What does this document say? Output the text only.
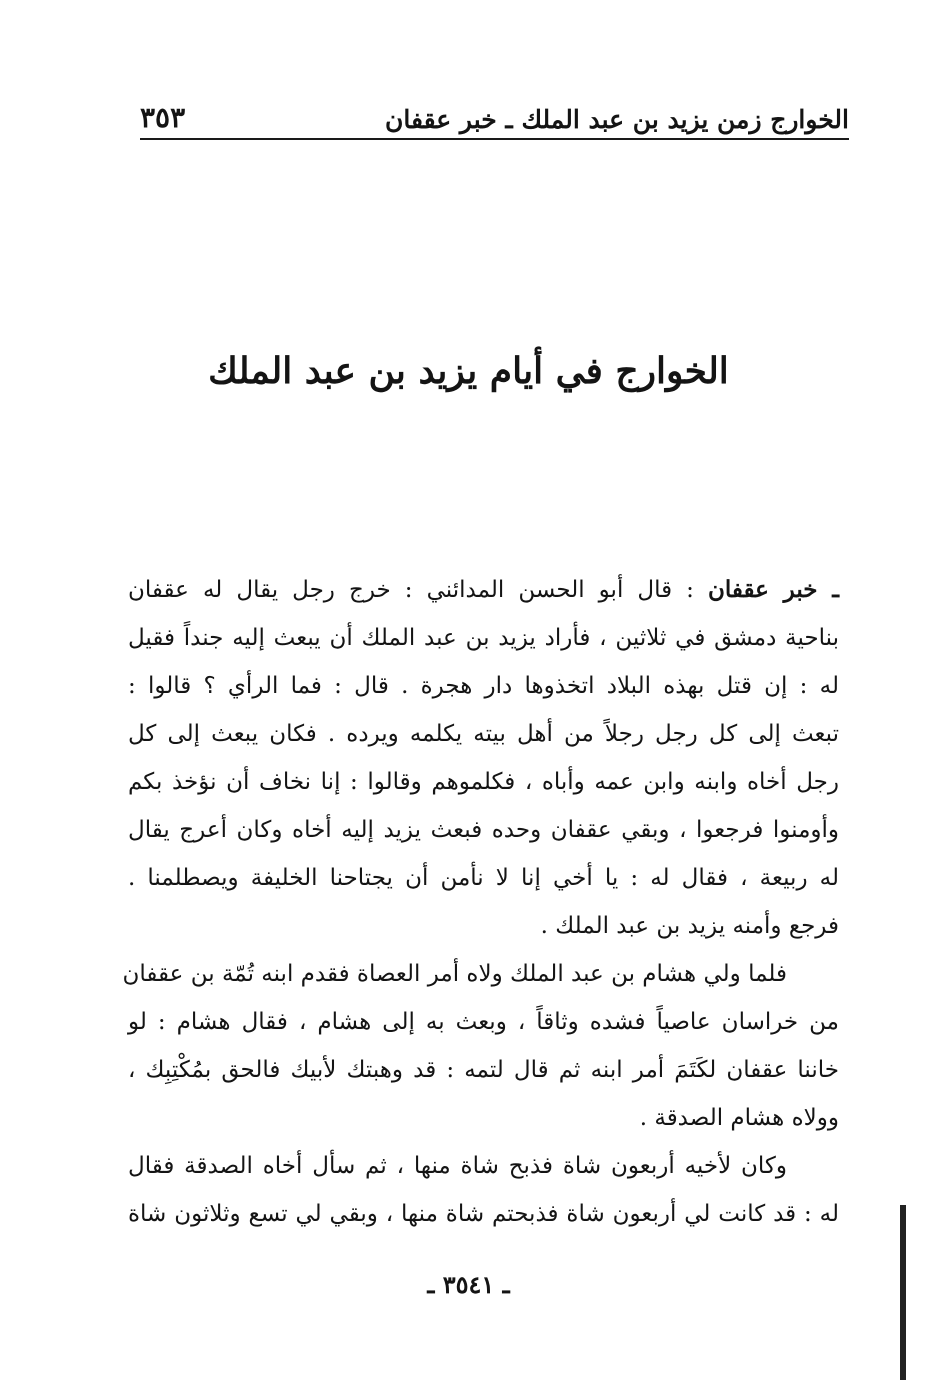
الخوارج زمن يزيد بن عبد الملك ـ خبر عقفان
٣٥٣
الخوارج في أيام يزيد بن عبد الملك
ـ خبر عقفان : قال أبو الحسن المدائني : خرج رجل يقال له عقفان
بناحية دمشق في ثلاثين ، فأراد يزيد بن عبد الملك أن يبعث إليه جنداً فقيل
له : إن قتل بهذه البلاد اتخذوها دار هجرة . قال : فما الرأي ؟ قالوا :
تبعث إلى كل رجل رجلاً من أهل بيته يكلمه ويرده . فكان يبعث إلى كل
رجل أخاه وابنه وابن عمه وأباه ، فكلموهم وقالوا : إنا نخاف أن نؤخذ بكم
وأومنوا فرجعوا ، وبقي عقفان وحده فبعث يزيد إليه أخاه وكان أعرج يقال
له ربيعة ، فقال له : يا أخي إنا لا نأمن أن يجتاحنا الخليفة ويصطلمنا .
فرجع وأمنه يزيد بن عبد الملك .
فلما ولي هشام بن عبد الملك ولاه أمر العصاة فقدم ابنه تُمّة بن عقفان
من خراسان عاصياً فشده وثاقاً ، وبعث به إلى هشام ، فقال هشام : لو
خاننا عقفان لكَتَمَ أمر ابنه ثم قال لتمه : قد وهبتك لأبيك فالحق بمُكْتِبِك ،
وولاه هشام الصدقة .
وكان لأخيه أربعون شاة فذبح شاة منها ، ثم سأل أخاه الصدقة فقال
له : قد كانت لي أربعون شاة فذبحتم شاة منها ، وبقي لي تسع وثلاثون شاة
ـ ٣٥٤١ ـ
